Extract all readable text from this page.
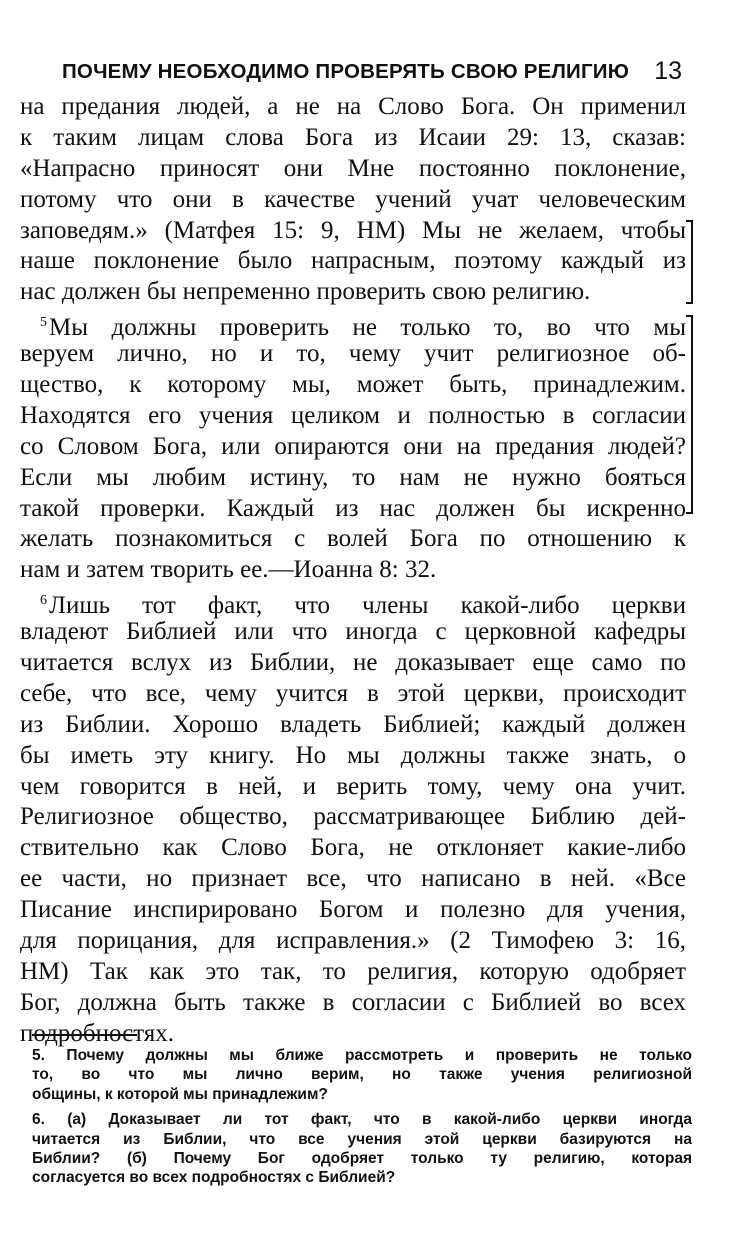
ПОЧЕМУ НЕОБХОДИМО ПРОВЕРЯТЬ СВОЮ РЕЛИГИЮ 13
на предания людей, а не на Слово Бога. Он применил
к таким лицам слова Бога из Исаии 29: 13, сказав:
«Напрасно приносят они Мне постоянно поклонение,
потому что они в качестве учений учат человеческим
заповедям.» (Матфея 15: 9, НМ) Мы не желаем, чтобы
наше поклонение было напрасным, поэтому каждый из
нас должен бы непременно проверить свою религию.
$^5$Мы должны проверить не только то, во что мы
веруем лично, но и то, чему учит религиозное об-
щество, к которому мы, может быть, принадлежим.
Находятся его учения целиком и полностью в согласии
со Словом Бога, или опираются они на предания людей?
Если мы любим истину, то нам не нужно бояться
такой проверки. Каждый из нас должен бы искренно
желать познакомиться с волей Бога по отношению к
нам и затем творить ее.—Иоанна 8: 32.
$^6$Лишь тот факт, что члены какой-либо церкви
владеют Библией или что иногда с церковной кафедры
читается вслух из Библии, не доказывает еще само по
себе, что все, чему учится в этой церкви, происходит
из Библии. Хорошо владеть Библией; каждый должен
бы иметь эту книгу. Но мы должны также знать, о
чем говорится в ней, и верить тому, чему она учит.
Религиозное общество, рассматривающее Библию дей-
ствительно как Слово Бога, не отклоняет какие-либо
ее части, но признает все, что написано в ней. «Все
Писание инспирировано Богом и полезно для учения,
для порицания, для исправления.» (2 Тимофею 3: 16,
НМ) Так как это так, то религия, которую одобряет
Бог, должна быть также в согласии с Библией во всех
подробностях.
5. Почему должны мы ближе рассмотреть и проверить не только
то, во что мы лично верим, но также учения религиозной
общины, к которой мы принадлежим?
6. (а) Доказывает ли тот факт, что в какой-либо церкви иногда
читается из Библии, что все учения этой церкви базируются на
Библии? (б) Почему Бог одобряет только ту религию, которая
согласуется во всех подробностях с Библией?
